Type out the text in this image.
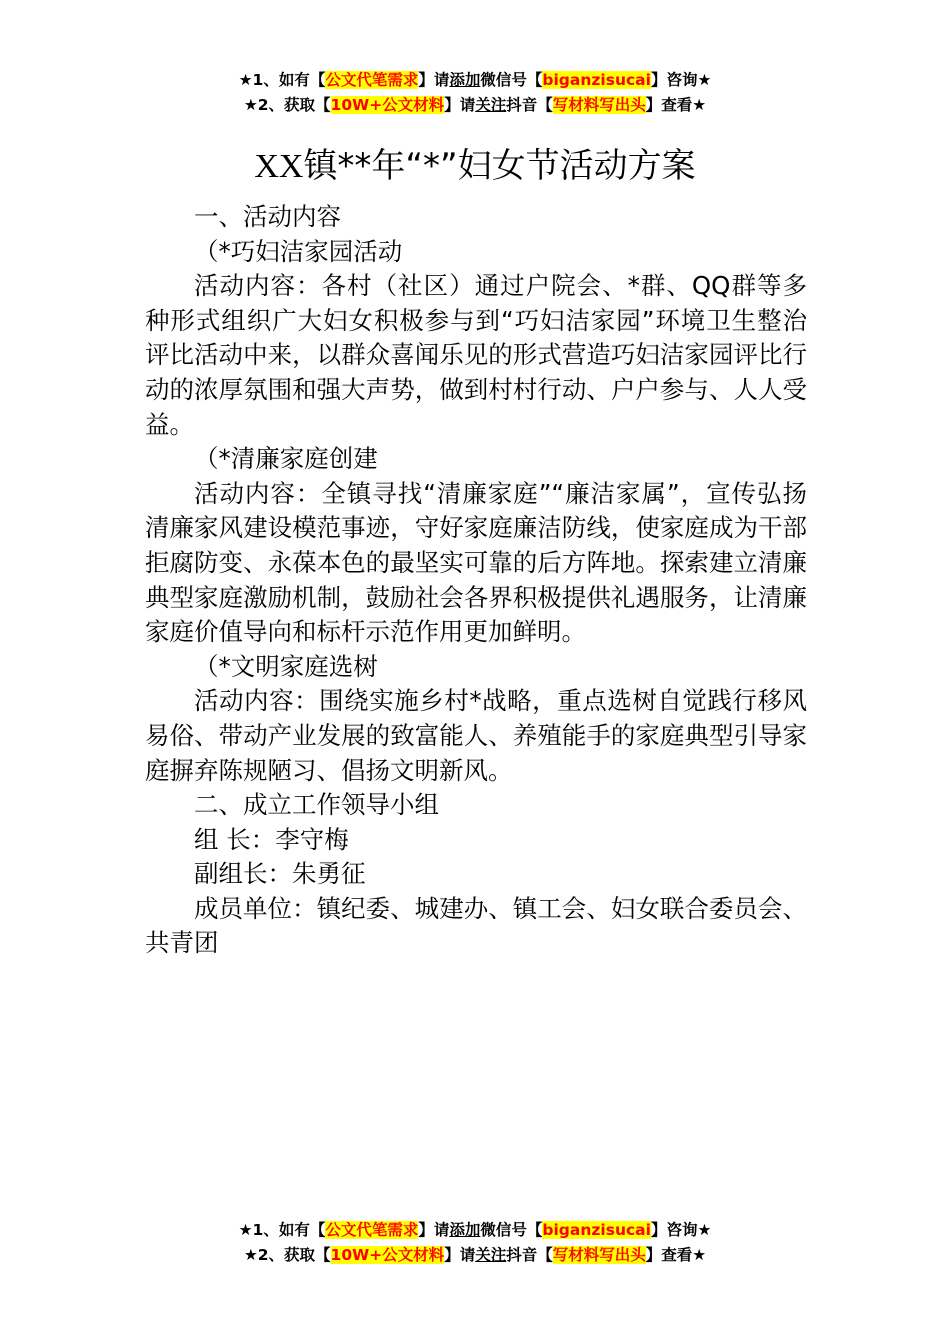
★1、如有【公文代笔需求】请添加微信号【biganzisucai】咨询★
★2、获取【10W+公文材料】请关注抖音【写材料写出头】查看★
XX镇**年“*”妇女节活动方案

一、活动内容

（*巧妇洁家园活动

活动内容：各村（社区）通过户院会、*群、QQ群等多种形式组织广大妇女积极参与到“巧妇洁家园”环境卫生整治评比活动中来，以群众喜闻乐见的形式营造巧妇洁家园评比行动的浓厚氛围和强大声势，做到村村行动、户户参与、人人受益。

（*清廉家庭创建

活动内容：全镇寻找“清廉家庭”“廉洁家属”，宣传弘扬清廉家风建设模范事迹，守好家庭廉洁防线，使家庭成为干部拒腐防变、永葆本色的最坚实可靠的后方阵地。探索建立清廉典型家庭激励机制，鼓励社会各界积极提供礼遇服务，让清廉家庭价值导向和标杆示范作用更加鲜明。

（*文明家庭选树

活动内容：围绕实施乡村*战略，重点选树自觉践行移风易俗、带动产业发展的致富能人、养殖能手的家庭典型引导家庭摒弃陈规陋习、倡扬文明新风。

二、成立工作领导小组

组 长：李守梅

副组长：朱勇征

成员单位：镇纪委、城建办、镇工会、妇女联合委员会、共青团

★1、如有【公文代笔需求】请添加微信号【biganzisucai】咨询★
★2、获取【10W+公文材料】请关注抖音【写材料写出头】查看★
